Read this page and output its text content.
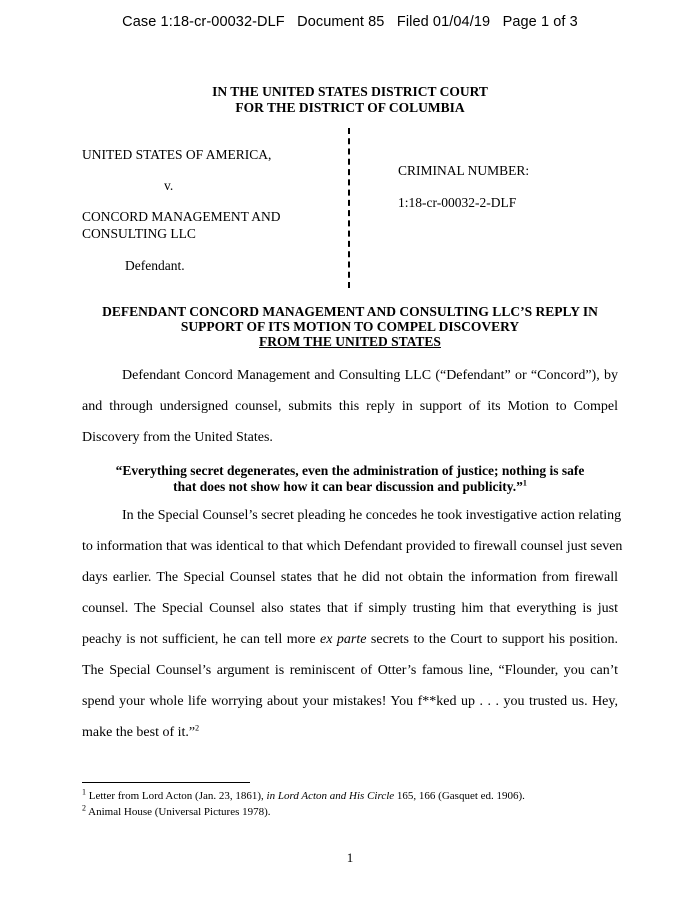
Case 1:18-cr-00032-DLF Document 85 Filed 01/04/19 Page 1 of 3
IN THE UNITED STATES DISTRICT COURT
FOR THE DISTRICT OF COLUMBIA
UNITED STATES OF AMERICA,
v.
CONCORD MANAGEMENT AND
CONSULTING LLC
Defendant.
CRIMINAL NUMBER:
1:18-cr-00032-2-DLF
DEFENDANT CONCORD MANAGEMENT AND CONSULTING LLC’S REPLY IN
SUPPORT OF ITS MOTION TO COMPEL DISCOVERY
FROM THE UNITED STATES
Defendant Concord Management and Consulting LLC (“Defendant” or “Concord”), by
and through undersigned counsel, submits this reply in support of its Motion to Compel
Discovery from the United States.
“Everything secret degenerates, even the administration of justice; nothing is safe
that does not show how it can bear discussion and publicity.”$^1$
In the Special Counsel’s secret pleading he concedes he took investigative action relating
to information that was identical to that which Defendant provided to firewall counsel just seven
days earlier. The Special Counsel states that he did not obtain the information from firewall
counsel. The Special Counsel also states that if simply trusting him that everything is just
peachy is not sufficient, he can tell more ex parte secrets to the Court to support his position.
The Special Counsel’s argument is reminiscent of Otter’s famous line, “Flounder, you can’t
spend your whole life worrying about your mistakes! You f**ked up . . . you trusted us. Hey,
make the best of it.”$^2$
$^1$ Letter from Lord Acton (Jan. 23, 1861), in Lord Acton and His Circle 165, 166 (Gasquet ed. 1906).
$^2$ Animal House (Universal Pictures 1978).
1
